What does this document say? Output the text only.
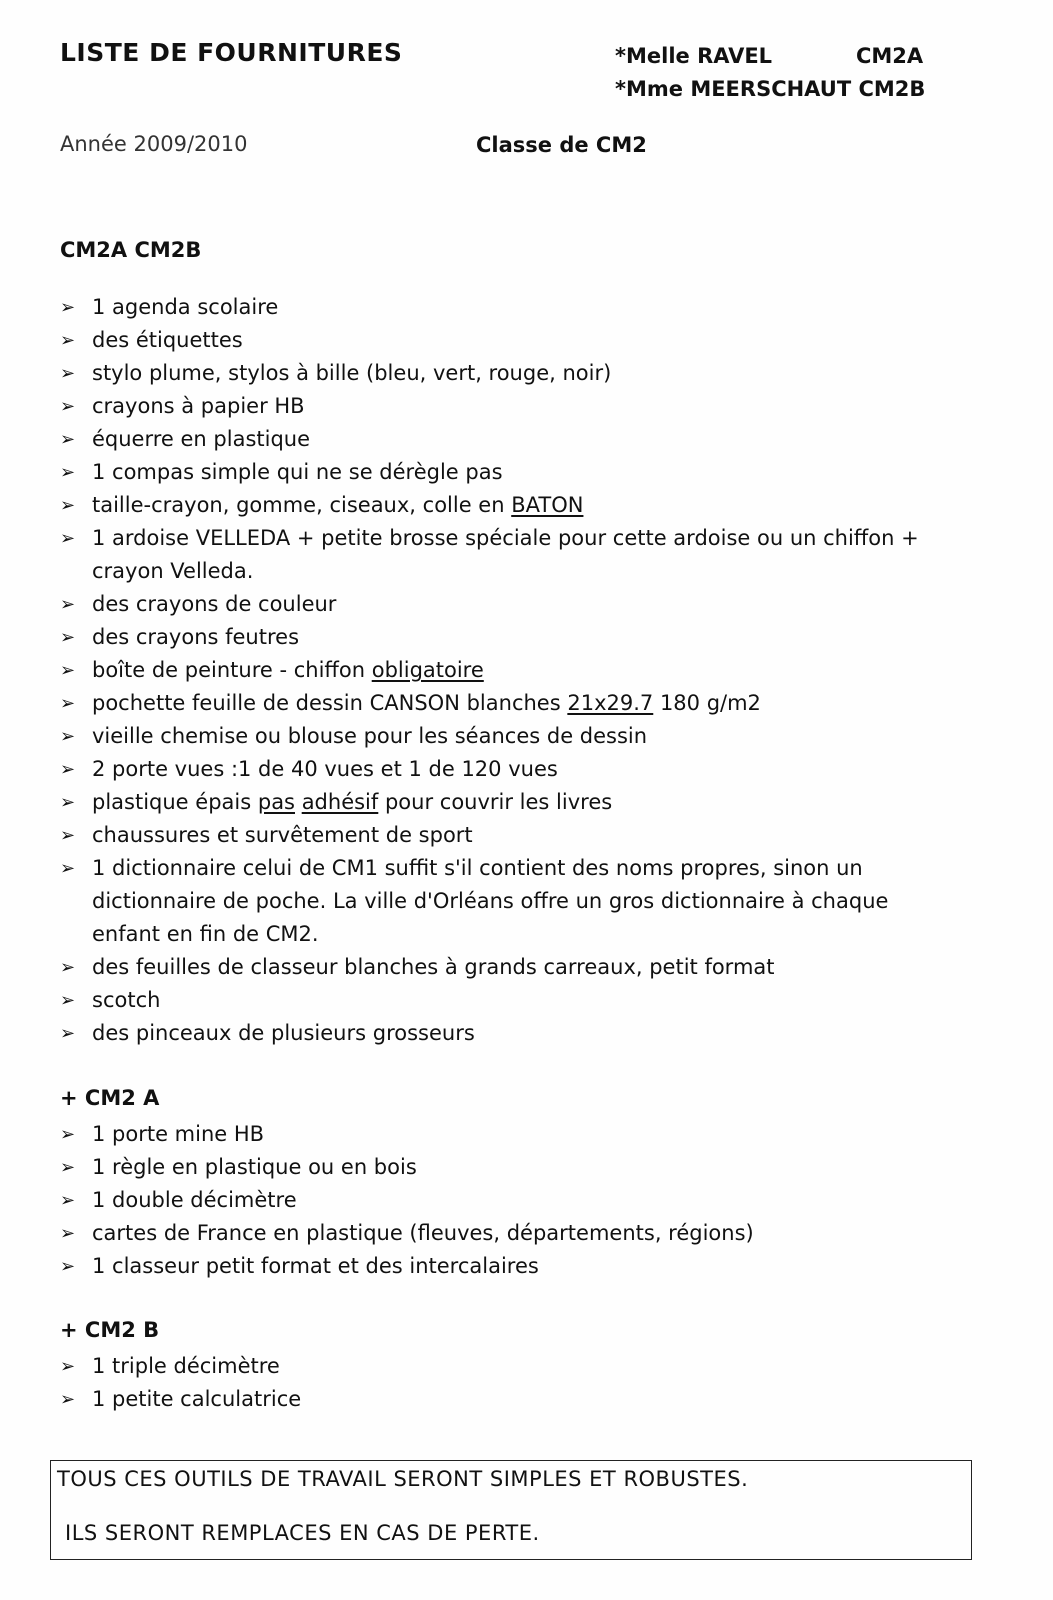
LISTE DE FOURNITURES	*Melle RAVEL	CM2A
*Mme MEERSCHAUT CM2B
Année 2009/2010	Classe de CM2
CM2A CM2B
➢ 1 agenda scolaire
➢ des étiquettes
➢ stylo plume, stylos à bille (bleu, vert, rouge, noir)
➢ crayons à papier HB
➢ équerre en plastique
➢ 1 compas simple qui ne se dérègle pas
➢ taille-crayon, gomme, ciseaux, colle en BATON
➢ 1 ardoise VELLEDA + petite brosse spéciale pour cette ardoise ou un chiffon + crayon Velleda.
➢ des crayons de couleur
➢ des crayons feutres
➢ boîte de peinture - chiffon obligatoire
➢ pochette feuille de dessin CANSON blanches 21x29.7 180 g/m2
➢ vieille chemise ou blouse pour les séances de dessin
➢ 2 porte vues :1 de 40 vues et 1 de 120 vues
➢ plastique épais pas adhésif pour couvrir les livres
➢ chaussures et survêtement de sport
➢ 1 dictionnaire celui de CM1 suffit s'il contient des noms propres, sinon un dictionnaire de poche. La ville d'Orléans offre un gros dictionnaire à chaque enfant en fin de CM2.
➢ des feuilles de classeur blanches à grands carreaux, petit format
➢ scotch
➢ des pinceaux de plusieurs grosseurs
+ CM2 A
➢ 1 porte mine HB
➢ 1 règle en plastique ou en bois
➢ 1 double décimètre
➢ cartes de France en plastique (fleuves, départements, régions)
➢ 1 classeur petit format et des intercalaires
+ CM2 B
➢ 1 triple décimètre
➢ 1 petite calculatrice
TOUS CES OUTILS DE TRAVAIL SERONT SIMPLES ET ROBUSTES.
ILS SERONT REMPLACES EN CAS DE PERTE.
